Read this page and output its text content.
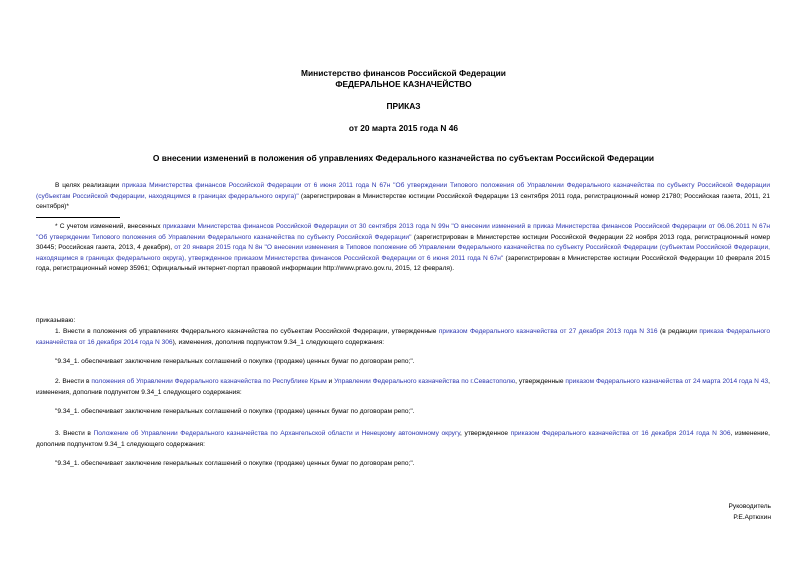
Министерство финансов Российской Федерации
ФЕДЕРАЛЬНОЕ КАЗНАЧЕЙСТВО
ПРИКАЗ
от 20 марта 2015 года N 46
О внесении изменений в положения об управлениях Федерального казначейства по субъектам Российской Федерации
В целях реализации приказа Министерства финансов Российской Федерации от 6 июня 2011 года N 67н "Об утверждении Типового положения об Управлении Федерального казначейства по субъекту Российской Федерации (субъектам Российской Федерации, находящимся в границах федерального округа)" (зарегистрирован в Министерстве юстиции Российской Федерации 13 сентября 2011 года, регистрационный номер 21780; Российская газета, 2011, 21 сентября)*
* С учетом изменений, внесенных приказами Министерства финансов Российской Федерации от 30 сентября 2013 года N 99н "О внесении изменений в приказ Министерства финансов Российской Федерации от 06.06.2011 N 67н "Об утверждении Типового положения об Управлении Федерального казначейства по субъекту Российской Федерации" (зарегистрирован в Министерстве юстиции Российской Федерации 22 ноября 2013 года, регистрационный номер 30445; Российская газета, 2013, 4 декабря), от 20 января 2015 года N 8н "О внесении изменения в Типовое положение об Управлении Федерального казначейства по субъекту Российской Федерации (субъектам Российской Федерации, находящимся в границах федерального округа), утвержденное приказом Министерства финансов Российской Федерации от 6 июня 2011 года N 67н" (зарегистрирован в Министерстве юстиции Российской Федерации 10 февраля 2015 года, регистрационный номер 35961; Официальный интернет-портал правовой информации http://www.pravo.gov.ru, 2015, 12 февраля).
приказываю:
1. Внести в положения об управлениях Федерального казначейства по субъектам Российской Федерации, утвержденные приказом Федерального казначейства от 27 декабря 2013 года N 316 (в редакции приказа Федерального казначейства от 16 декабря 2014 года N 306), изменения, дополнив подпунктом 9.34_1 следующего содержания:
"9.34_1. обеспечивает заключение генеральных соглашений о покупке (продаже) ценных бумаг по договорам репо;".
2. Внести в положения об Управлении Федерального казначейства по Республике Крым и Управлении Федерального казначейства по г.Севастополю, утвержденные приказом Федерального казначейства от 24 марта 2014 года N 43, изменения, дополнив подпунктом 9.34_1 следующего содержания:
"9.34_1. обеспечивает заключение генеральных соглашений о покупке (продаже) ценных бумаг по договорам репо;".
3. Внести в Положение об Управлении Федерального казначейства по Архангельской области и Ненецкому автономному округу, утвержденное приказом Федерального казначейства от 16 декабря 2014 года N 306, изменение, дополнив подпунктом 9.34_1 следующего содержания:
"9.34_1. обеспечивает заключение генеральных соглашений о покупке (продаже) ценных бумаг по договорам репо;".
Руководитель
Р.Е.Артюхин
